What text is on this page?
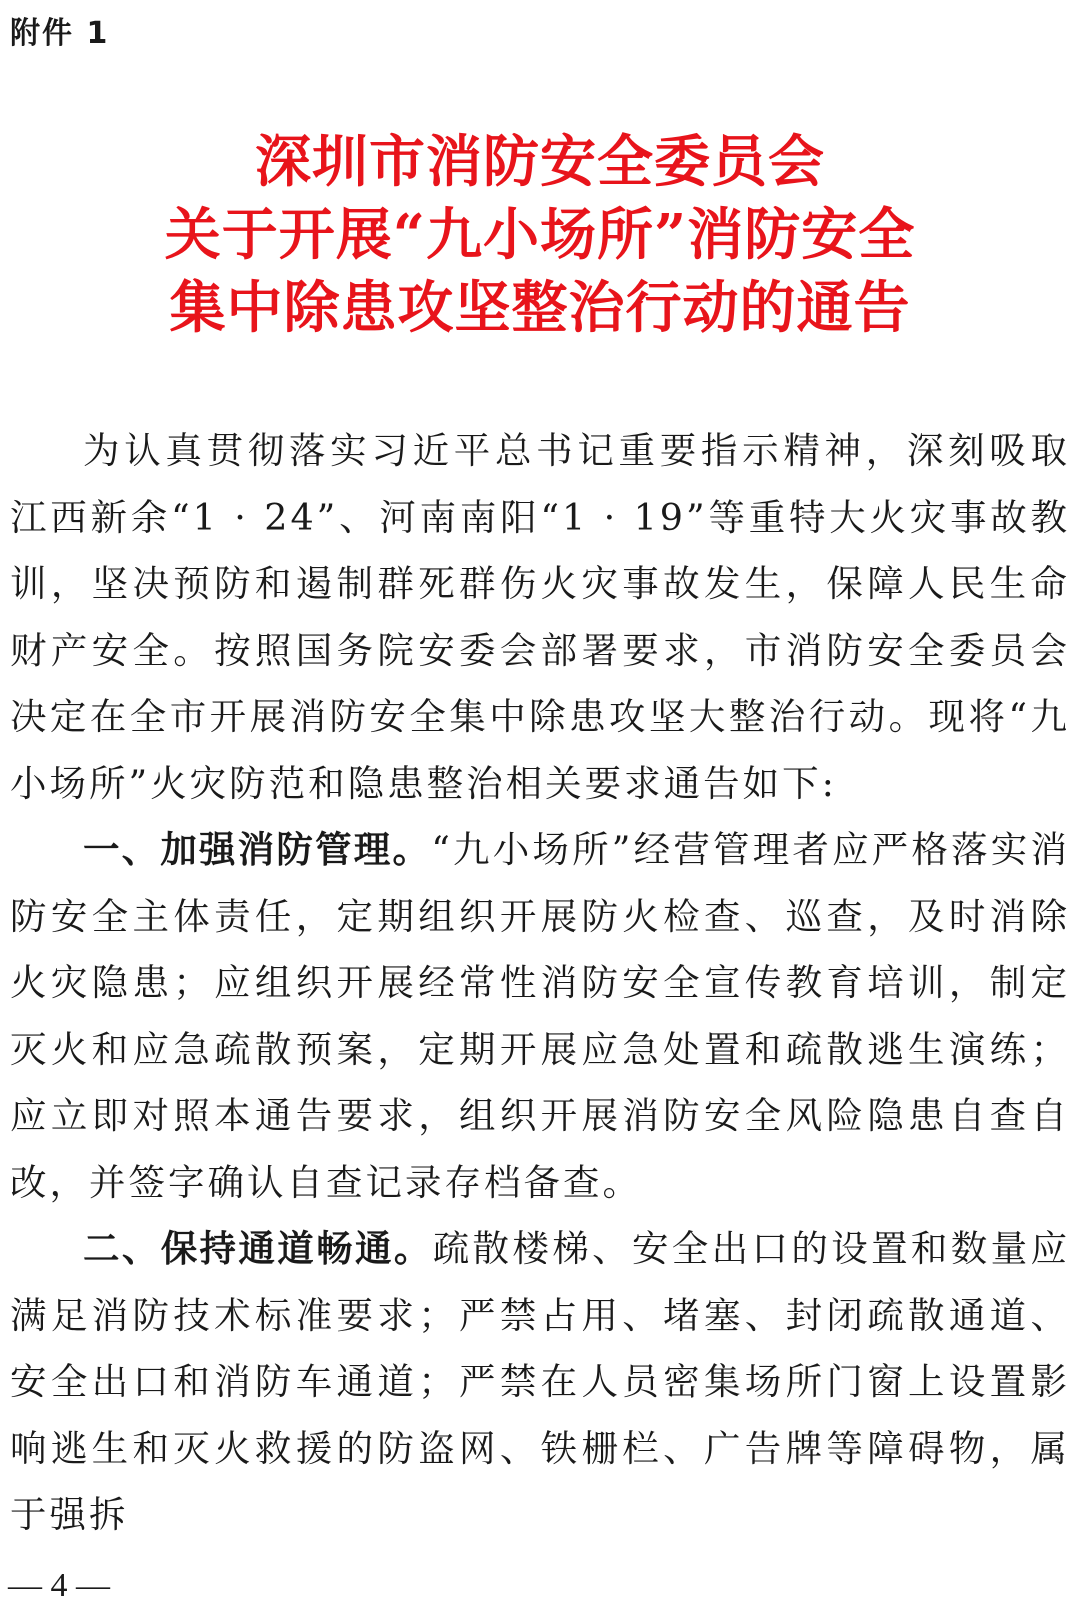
附件 1
深圳市消防安全委员会
关于开展“九小场所”消防安全
集中除患攻坚整治行动的通告

为认真贯彻落实习近平总书记重要指示精神，深刻吸取江西新余“1 · 24”、河南南阳“1 · 19”等重特大火灾事故教训，坚决预防和遏制群死群伤火灾事故发生，保障人民生命财产安全。按照国务院安委会部署要求，市消防安全委员会决定在全市开展消防安全集中除患攻坚大整治行动。现将“九小场所”火灾防范和隐患整治相关要求通告如下:

一、加强消防管理。“九小场所”经营管理者应严格落实消防安全主体责任，定期组织开展防火检查、巡查，及时消除火灾隐患；应组织开展经常性消防安全宣传教育培训，制定灭火和应急疏散预案，定期开展应急处置和疏散逃生演练；应立即对照本通告要求，组织开展消防安全风险隐患自查自改，并签字确认自查记录存档备查。

二、保持通道畅通。疏散楼梯、安全出口的设置和数量应满足消防技术标准要求；严禁占用、堵塞、封闭疏散通道、安全出口和消防车通道；严禁在人员密集场所门窗上设置影响逃生和灭火救援的防盗网、铁栅栏、广告牌等障碍物，属于强拆

— 4 —
